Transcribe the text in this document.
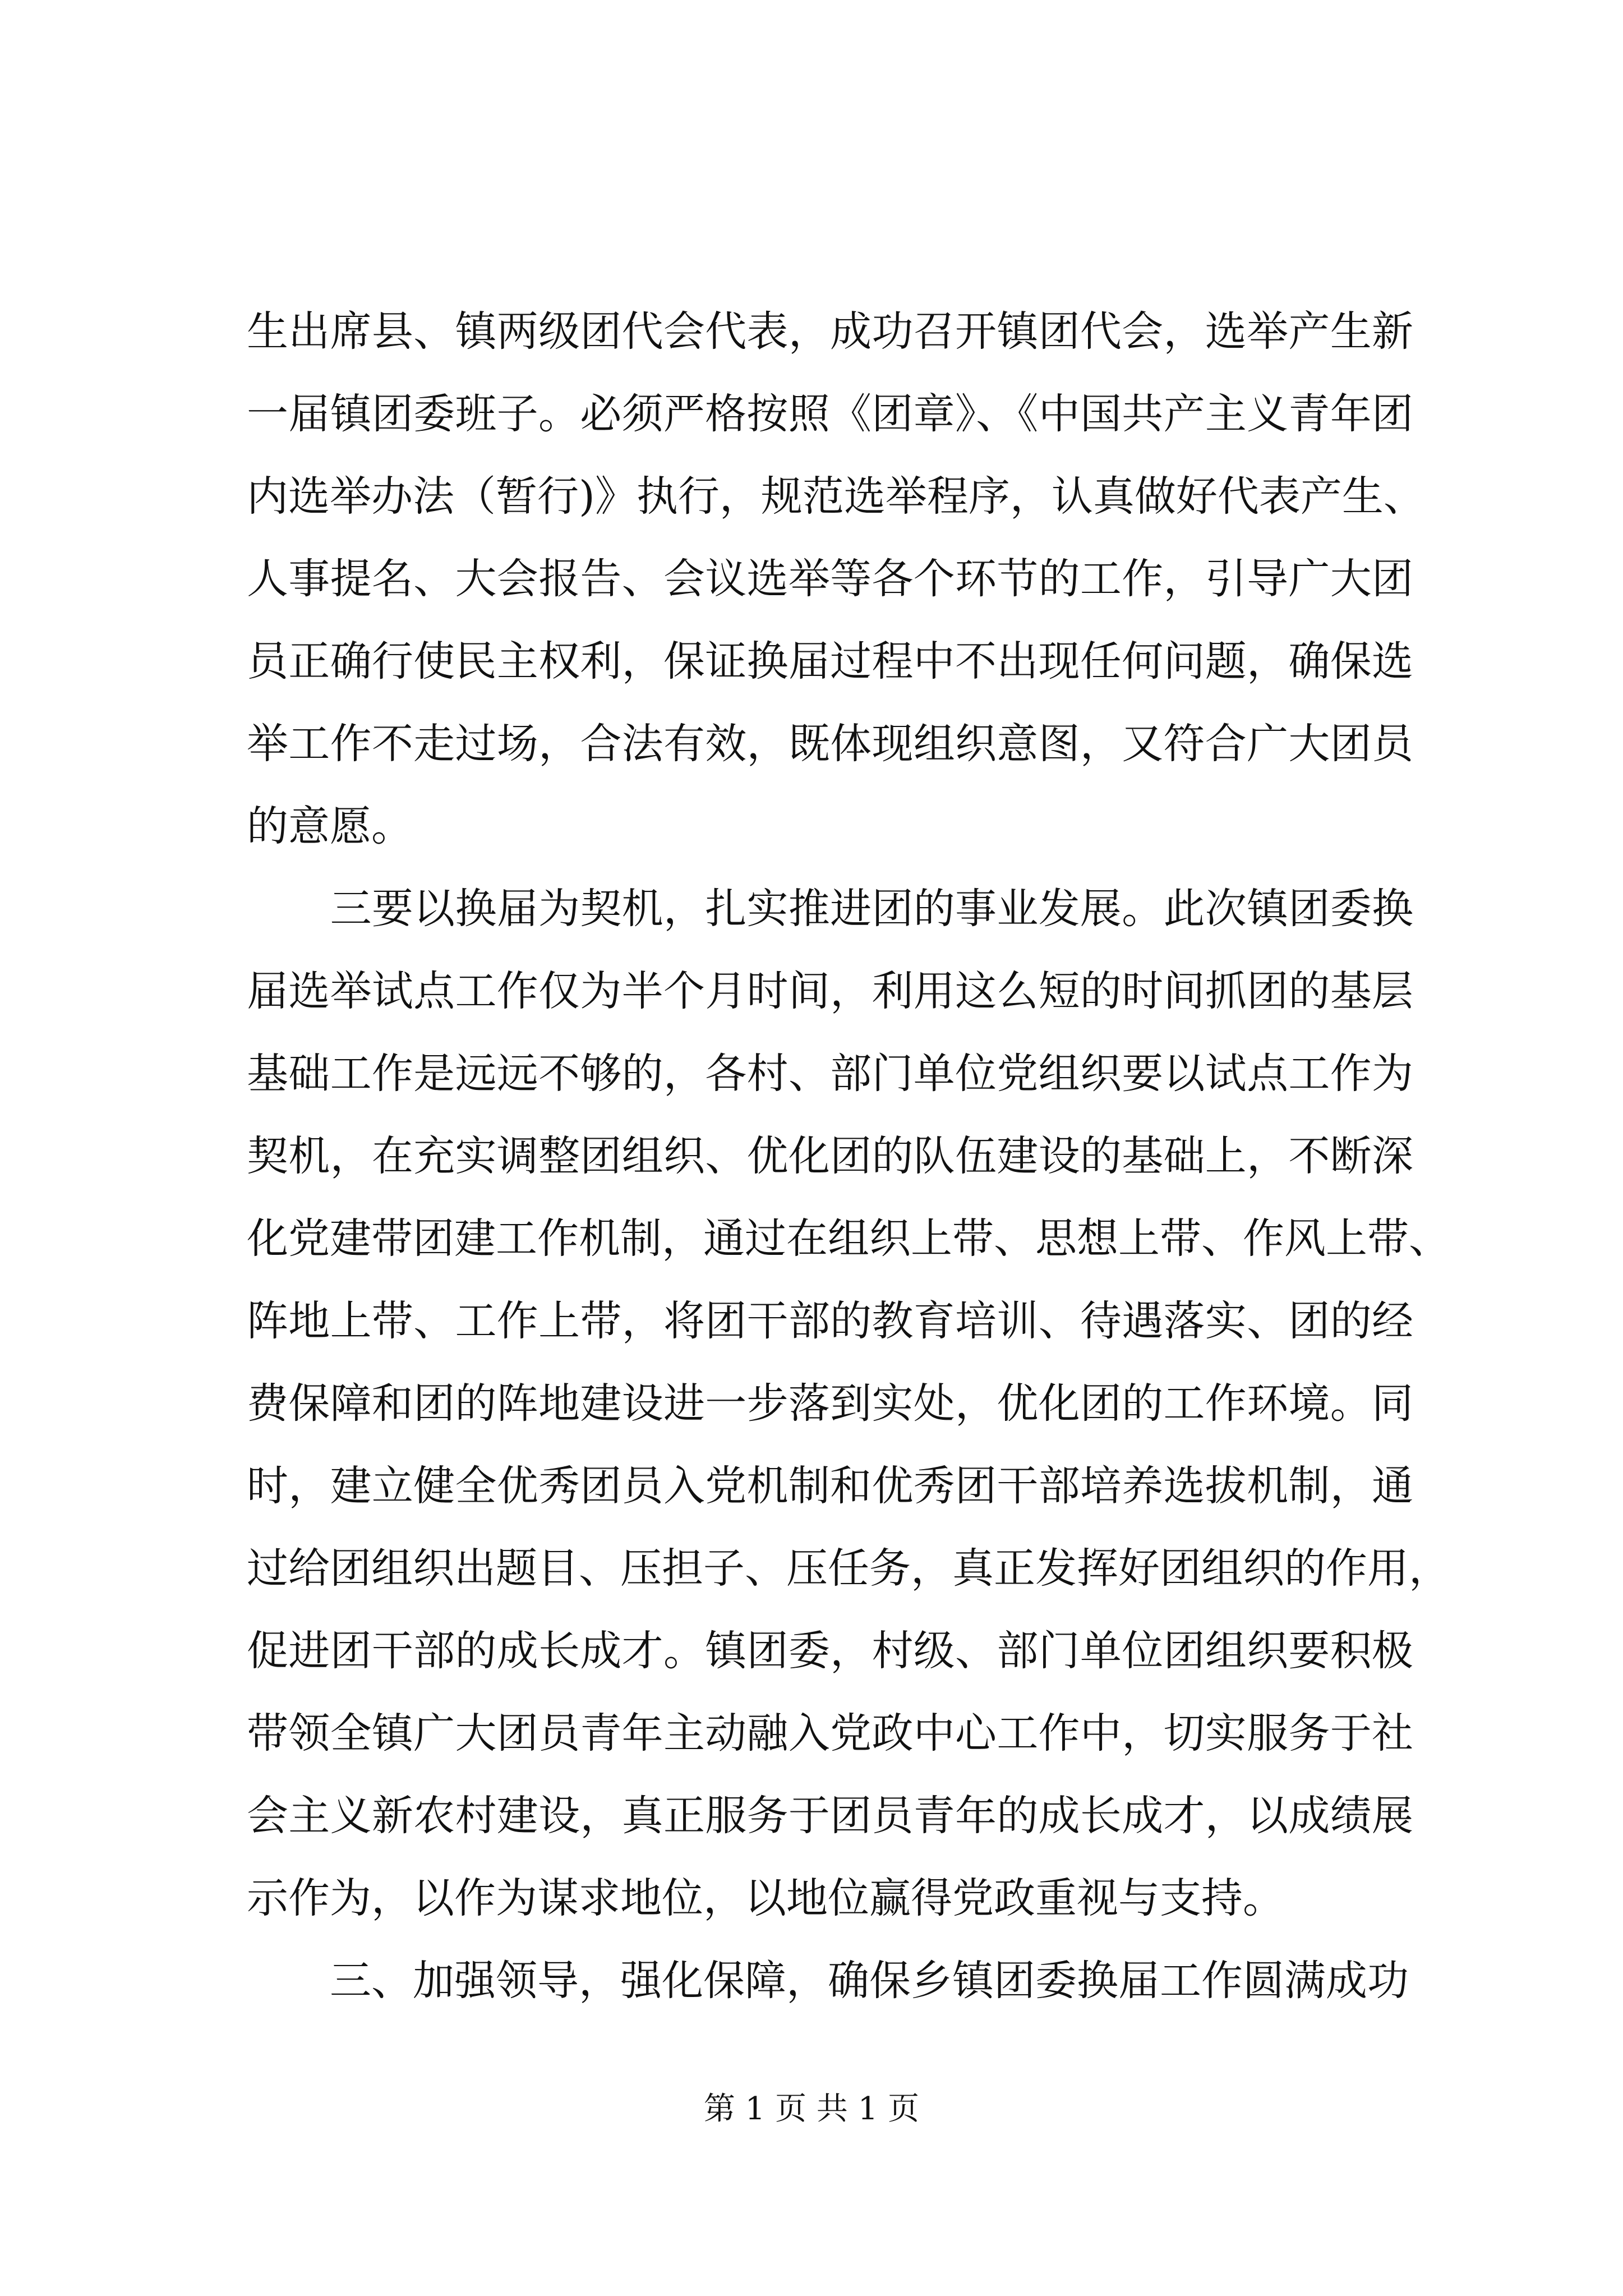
生出席县、镇两级团代会代表，成功召开镇团代会，选举产生新
一届镇团委班子。必须严格按照《团章》、《中国共产主义青年团
内选举办法（暂行)》执行，规范选举程序，认真做好代表产生、
人事提名、大会报告、会议选举等各个环节的工作，引导广大团
员正确行使民主权利，保证换届过程中不出现任何问题，确保选
举工作不走过场，合法有效，既体现组织意图，又符合广大团员
的意愿。
　　三要以换届为契机，扎实推进团的事业发展。此次镇团委换
届选举试点工作仅为半个月时间，利用这么短的时间抓团的基层
基础工作是远远不够的，各村、部门单位党组织要以试点工作为
契机，在充实调整团组织、优化团的队伍建设的基础上，不断深
化党建带团建工作机制，通过在组织上带、思想上带、作风上带、
阵地上带、工作上带，将团干部的教育培训、待遇落实、团的经
费保障和团的阵地建设进一步落到实处，优化团的工作环境。同
时，建立健全优秀团员入党机制和优秀团干部培养选拔机制，通
过给团组织出题目、压担子、压任务，真正发挥好团组织的作用，
促进团干部的成长成才。镇团委，村级、部门单位团组织要积极
带领全镇广大团员青年主动融入党政中心工作中，切实服务于社
会主义新农村建设，真正服务于团员青年的成长成才，以成绩展
示作为，以作为谋求地位，以地位赢得党政重视与支持。
　　三、加强领导，强化保障，确保乡镇团委换届工作圆满成功
第 1 页 共 1 页
